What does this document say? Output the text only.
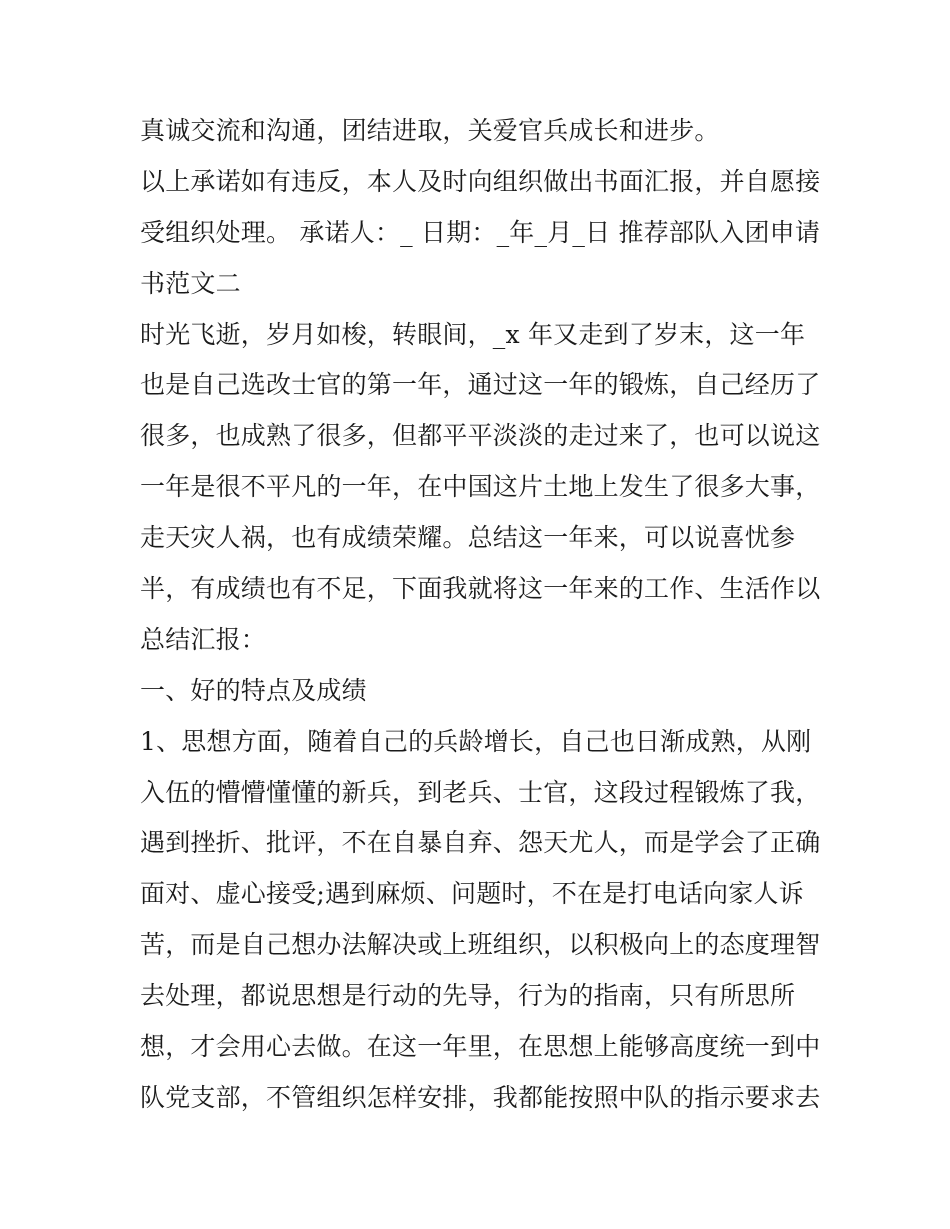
真诚交流和沟通，团结进取，关爱官兵成长和进步。
以上承诺如有违反，本人及时向组织做出书面汇报，并自愿接
受组织处理。 承诺人：_ 日期：_年_月_日 推荐部队入团申请
书范文二
时光飞逝，岁月如梭，转眼间，_x 年又走到了岁末，这一年
也是自己选改士官的第一年，通过这一年的锻炼，自己经历了
很多，也成熟了很多，但都平平淡淡的走过来了，也可以说这
一年是很不平凡的一年，在中国这片土地上发生了很多大事，
走天灾人祸，也有成绩荣耀。总结这一年来，可以说喜忧参
半，有成绩也有不足，下面我就将这一年来的工作、生活作以
总结汇报：
一、好的特点及成绩
1、思想方面，随着自己的兵龄增长，自己也日渐成熟，从刚
入伍的懵懵懂懂的新兵，到老兵、士官，这段过程锻炼了我，
遇到挫折、批评，不在自暴自弃、怨天尤人，而是学会了正确
面对、虚心接受;遇到麻烦、问题时，不在是打电话向家人诉
苦，而是自己想办法解决或上班组织，以积极向上的态度理智
去处理，都说思想是行动的先导，行为的指南，只有所思所
想，才会用心去做。在这一年里，在思想上能够高度统一到中
队党支部，不管组织怎样安排，我都能按照中队的指示要求去
